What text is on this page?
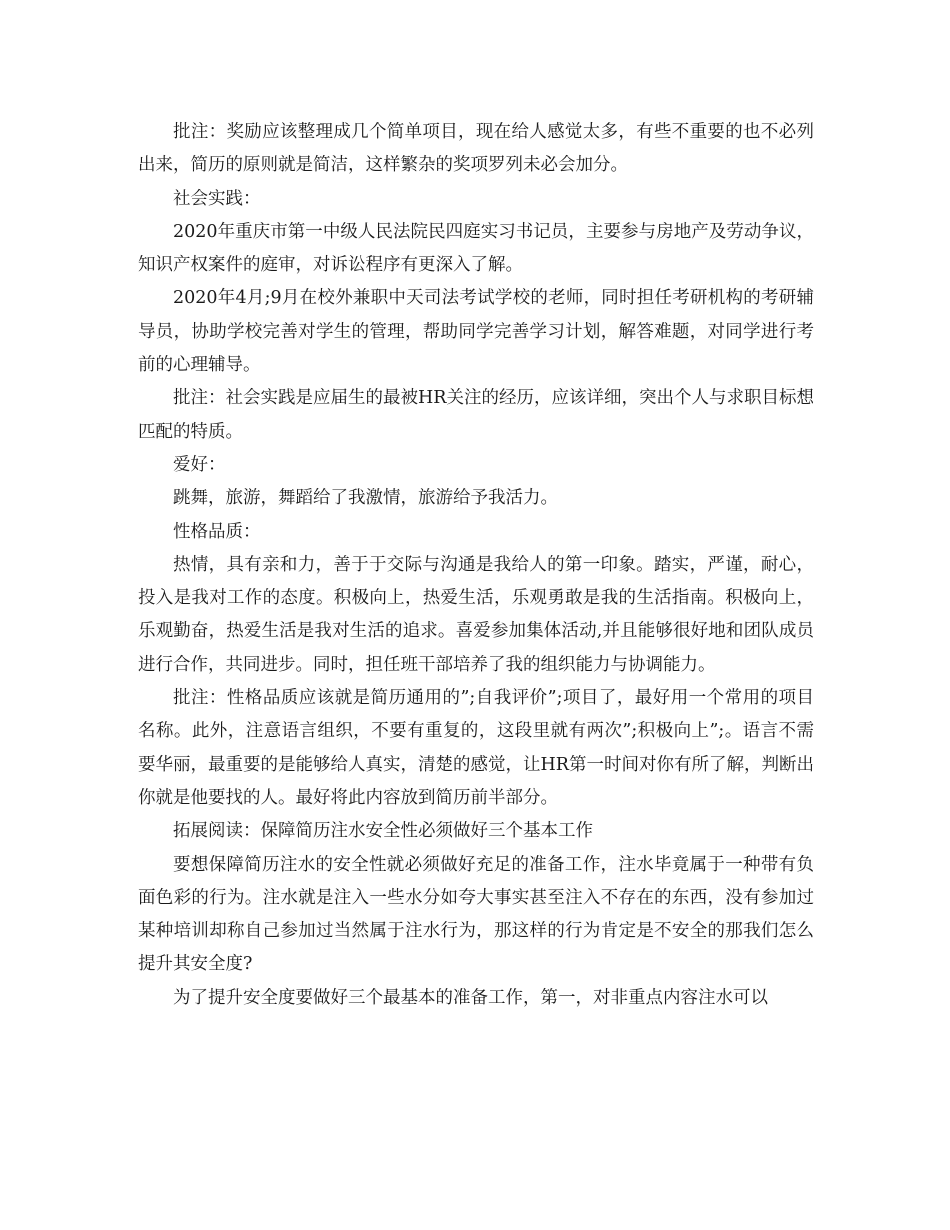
批注：奖励应该整理成几个简单项目，现在给人感觉太多，有些不重要的也不必列出来，简历的原则就是简洁，这样繁杂的奖项罗列未必会加分。

社会实践：

2020年重庆市第一中级人民法院民四庭实习书记员，主要参与房地产及劳动争议，知识产权案件的庭审，对诉讼程序有更深入了解。

2020年4月;9月在校外兼职中天司法考试学校的老师，同时担任考研机构的考研辅导员，协助学校完善对学生的管理，帮助同学完善学习计划，解答难题，对同学进行考前的心理辅导。

批注：社会实践是应届生的最被HR关注的经历，应该详细，突出个人与求职目标想匹配的特质。

爱好：

跳舞，旅游，舞蹈给了我激情，旅游给予我活力。

性格品质：

热情，具有亲和力，善于于交际与沟通是我给人的第一印象。踏实，严谨，耐心，投入是我对工作的态度。积极向上，热爱生活，乐观勇敢是我的生活指南。积极向上，乐观勤奋，热爱生活是我对生活的追求。喜爱参加集体活动,并且能够很好地和团队成员进行合作，共同进步。同时，担任班干部培养了我的组织能力与协调能力。

批注：性格品质应该就是简历通用的”;自我评价”;项目了，最好用一个常用的项目名称。此外，注意语言组织，不要有重复的，这段里就有两次”;积极向上”;。语言不需要华丽，最重要的是能够给人真实，清楚的感觉，让HR第一时间对你有所了解，判断出你就是他要找的人。最好将此内容放到简历前半部分。

拓展阅读：保障简历注水安全性必须做好三个基本工作

要想保障简历注水的安全性就必须做好充足的准备工作，注水毕竟属于一种带有负面色彩的行为。注水就是注入一些水分如夸大事实甚至注入不存在的东西，没有参加过某种培训却称自己参加过当然属于注水行为，那这样的行为肯定是不安全的那我们怎么提升其安全度?

为了提升安全度要做好三个最基本的准备工作，第一，对非重点内容注水可以
